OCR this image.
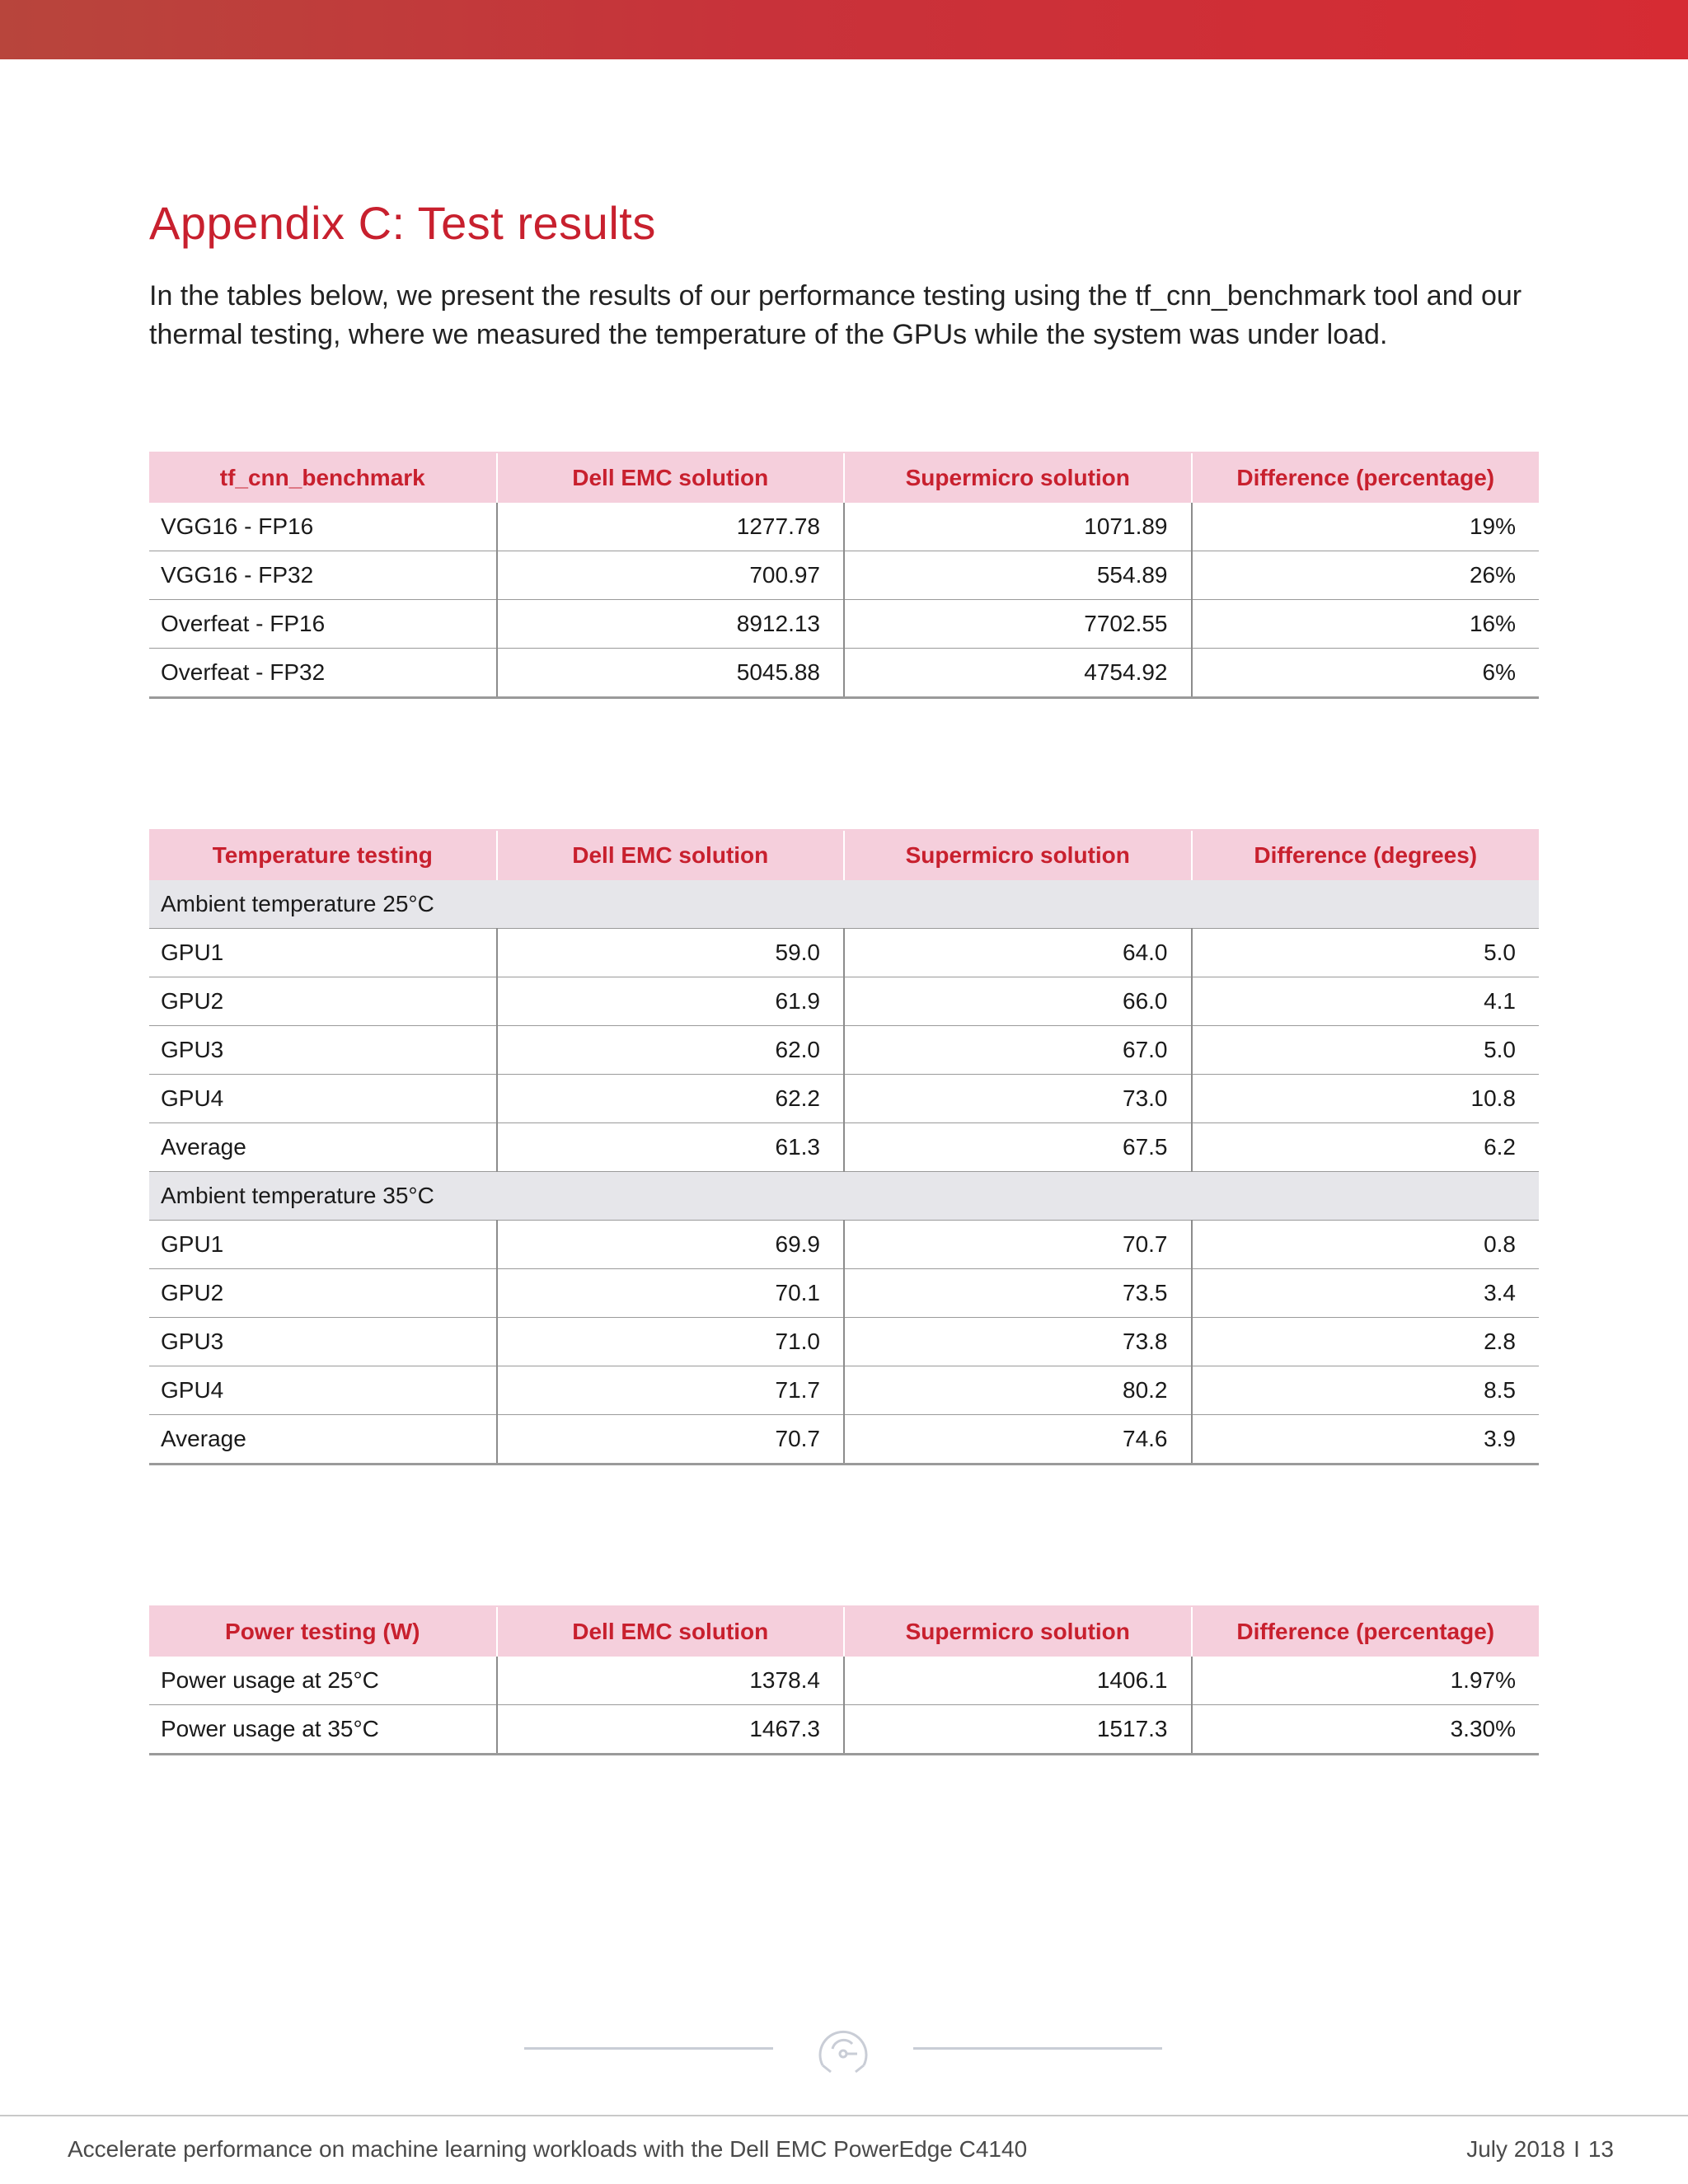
Appendix C: Test results

In the tables below, we present the results of our performance testing using the tf_cnn_benchmark tool and our thermal testing, where we measured the temperature of the GPUs while the system was under load.

tf_cnn_benchmark	Dell EMC solution	Supermicro solution	Difference (percentage)
VGG16 - FP16	1277.78	1071.89	19%
VGG16 - FP32	700.97	554.89	26%
Overfeat - FP16	8912.13	7702.55	16%
Overfeat - FP32	5045.88	4754.92	6%
Temperature testing	Dell EMC solution	Supermicro solution	Difference (degrees)
Ambient temperature 25°C			
GPU1	59.0	64.0	5.0
GPU2	61.9	66.0	4.1
GPU3	62.0	67.0	5.0
GPU4	62.2	73.0	10.8
Average	61.3	67.5	6.2
Ambient temperature 35°C			
GPU1	69.9	70.7	0.8
GPU2	70.1	73.5	3.4
GPU3	71.0	73.8	2.8
GPU4	71.7	80.2	8.5
Average	70.7	74.6	3.9
Power testing (W)	Dell EMC solution	Supermicro solution	Difference (percentage)
Power usage at 25°C	1378.4	1406.1	1.97%
Power usage at 35°C	1467.3	1517.3	3.30%
Accelerate performance on machine learning workloads with the Dell EMC PowerEdge C4140	July 2018 I 13
